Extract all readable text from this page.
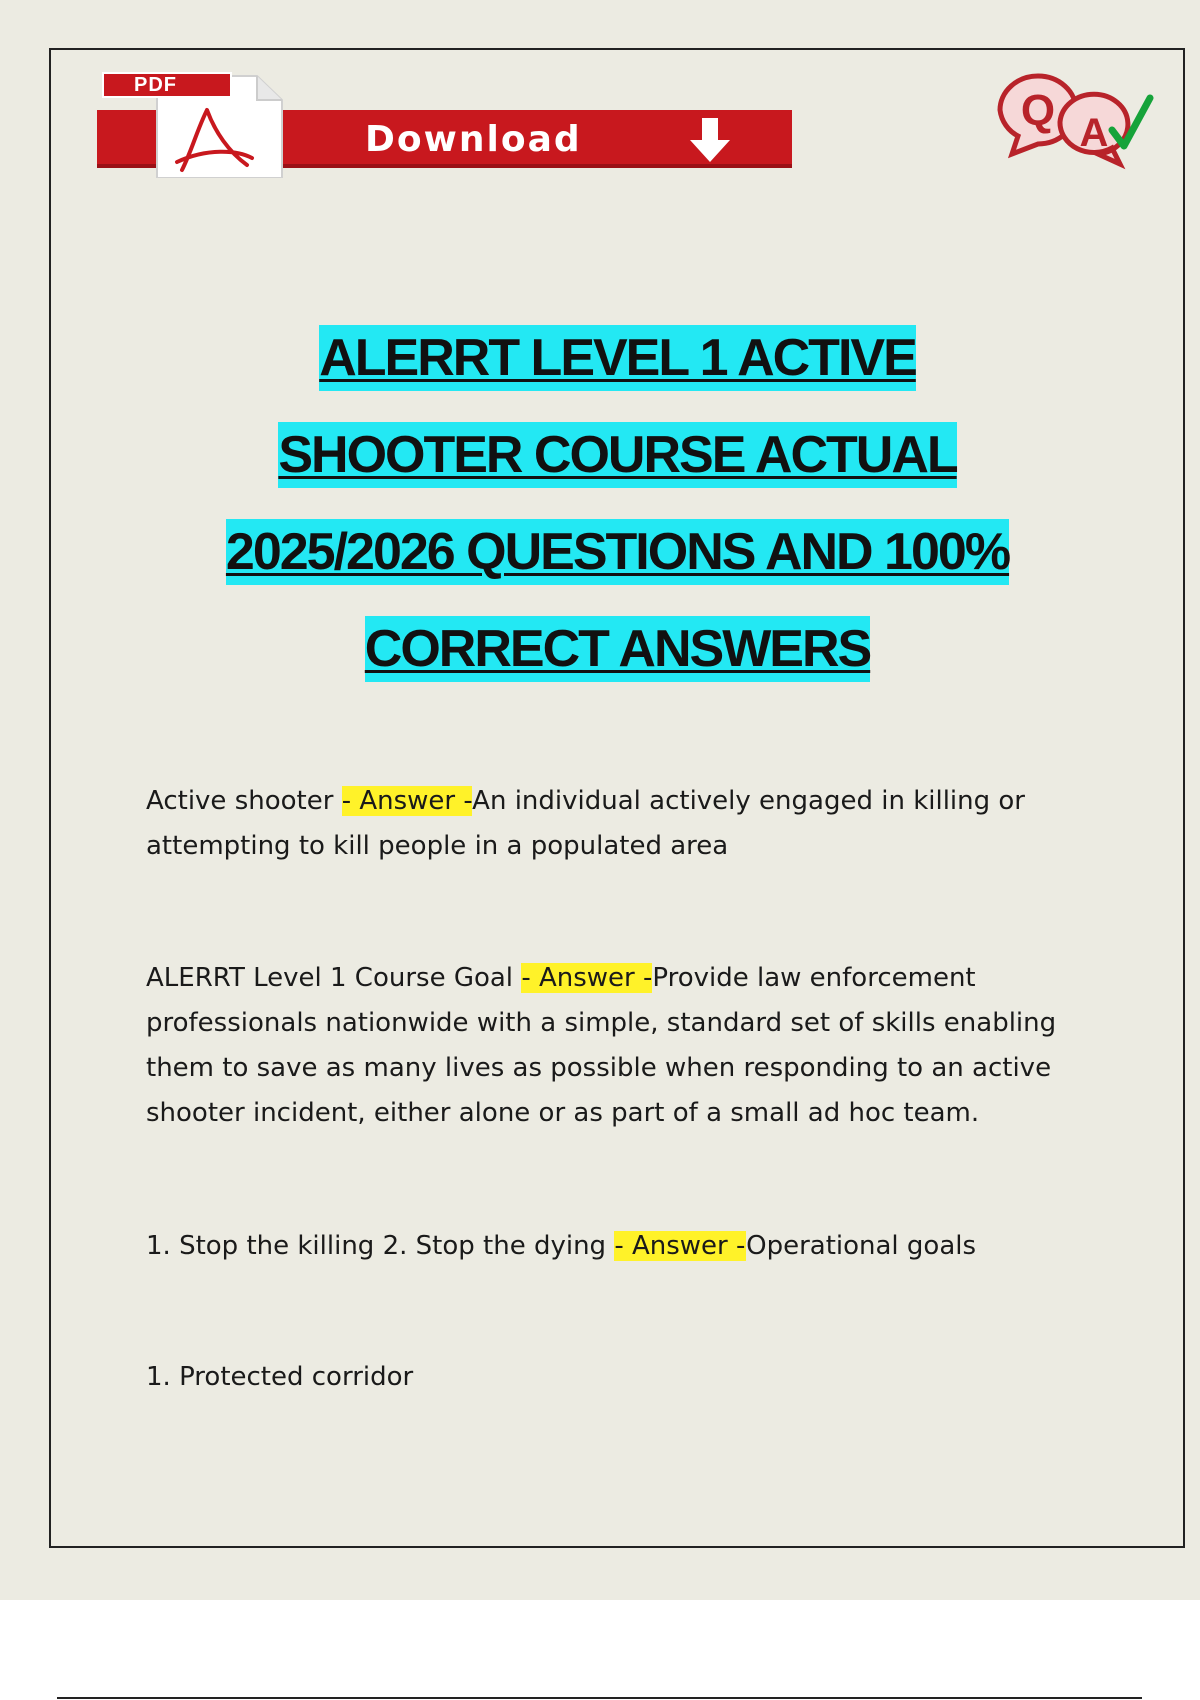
PDF
Download
Q A
ALERRT LEVEL 1 ACTIVE
SHOOTER COURSE ACTUAL
2025/2026 QUESTIONS AND 100%
CORRECT ANSWERS
Active shooter - Answer -An individual actively engaged in killing or attempting to kill people in a populated area
ALERRT Level 1 Course Goal - Answer -Provide law enforcement professionals nationwide with a simple, standard set of skills enabling them to save as many lives as possible when responding to an active shooter incident, either alone or as part of a small ad hoc team.
1. Stop the killing 2. Stop the dying - Answer -Operational goals
1. Protected corridor
